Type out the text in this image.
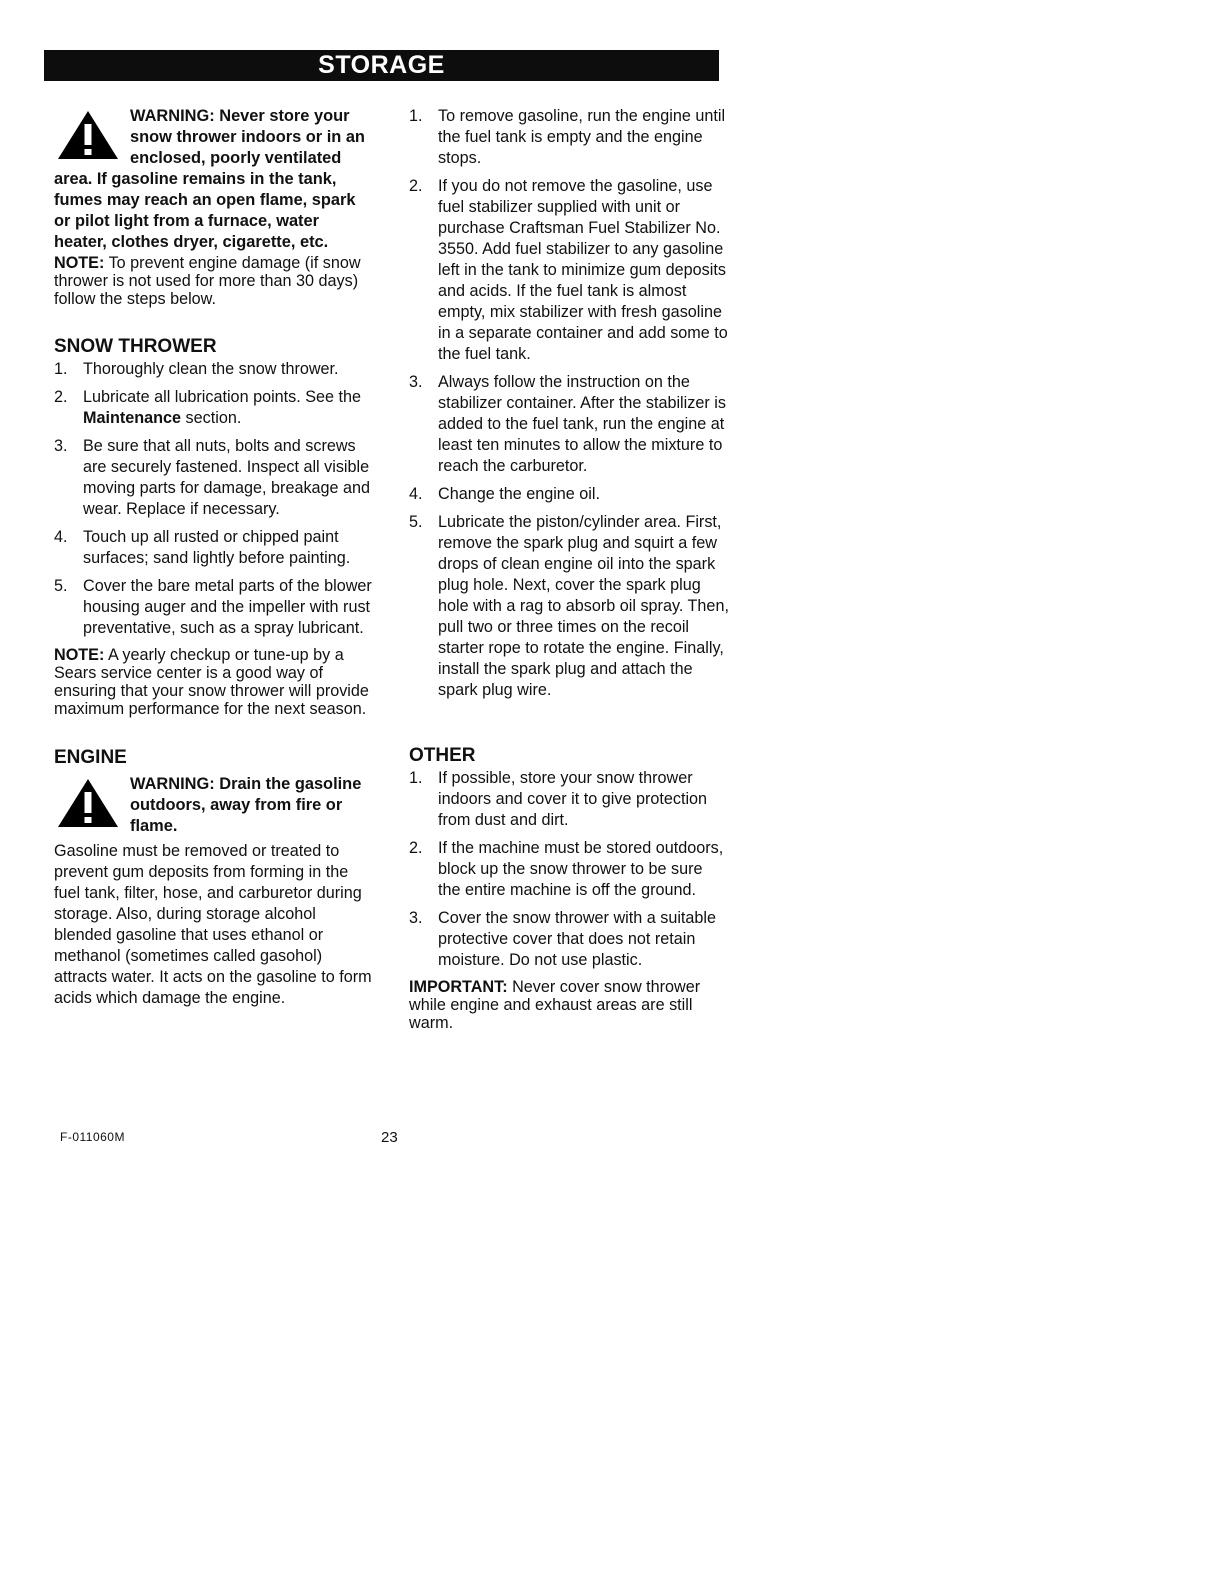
STORAGE

WARNING: Never store your snow thrower indoors or in an enclosed, poorly ventilated area. If gasoline remains in the tank, fumes may reach an open flame, spark or pilot light from a furnace, water heater, clothes dryer, cigarette, etc.

NOTE: To prevent engine damage (if snow thrower is not used for more than 30 days) follow the steps below.

SNOW THROWER
1. Thoroughly clean the snow thrower.
2. Lubricate all lubrication points. See the Maintenance section.
3. Be sure that all nuts, bolts and screws are securely fastened. Inspect all visible moving parts for damage, breakage and wear. Replace if necessary.
4. Touch up all rusted or chipped paint surfaces; sand lightly before painting.
5. Cover the bare metal parts of the blower housing auger and the impeller with rust preventative, such as a spray lubricant.

NOTE: A yearly checkup or tune-up by a Sears service center is a good way of ensuring that your snow thrower will provide maximum performance for the next season.

ENGINE

WARNING: Drain the gasoline outdoors, away from fire or flame.

Gasoline must be removed or treated to prevent gum deposits from forming in the fuel tank, filter, hose, and carburetor during storage. Also, during storage alcohol blended gasoline that uses ethanol or methanol (sometimes called gasohol) attracts water. It acts on the gasoline to form acids which damage the engine.

1. To remove gasoline, run the engine until the fuel tank is empty and the engine stops.
2. If you do not remove the gasoline, use fuel stabilizer supplied with unit or purchase Craftsman Fuel Stabilizer No. 3550. Add fuel stabilizer to any gasoline left in the tank to minimize gum deposits and acids. If the fuel tank is almost empty, mix stabilizer with fresh gasoline in a separate container and add some to the fuel tank.
3. Always follow the instruction on the stabilizer container. After the stabilizer is added to the fuel tank, run the engine at least ten minutes to allow the mixture to reach the carburetor.
4. Change the engine oil.
5. Lubricate the piston/cylinder area. First, remove the spark plug and squirt a few drops of clean engine oil into the spark plug hole. Next, cover the spark plug hole with a rag to absorb oil spray. Then, pull two or three times on the recoil starter rope to rotate the engine. Finally, install the spark plug and attach the spark plug wire.
OTHER
1. If possible, store your snow thrower indoors and cover it to give protection from dust and dirt.
2. If the machine must be stored outdoors, block up the snow thrower to be sure the entire machine is off the ground.
3. Cover the snow thrower with a suitable protective cover that does not retain moisture. Do not use plastic.

IMPORTANT: Never cover snow thrower while engine and exhaust areas are still warm.

F-011060M	23
